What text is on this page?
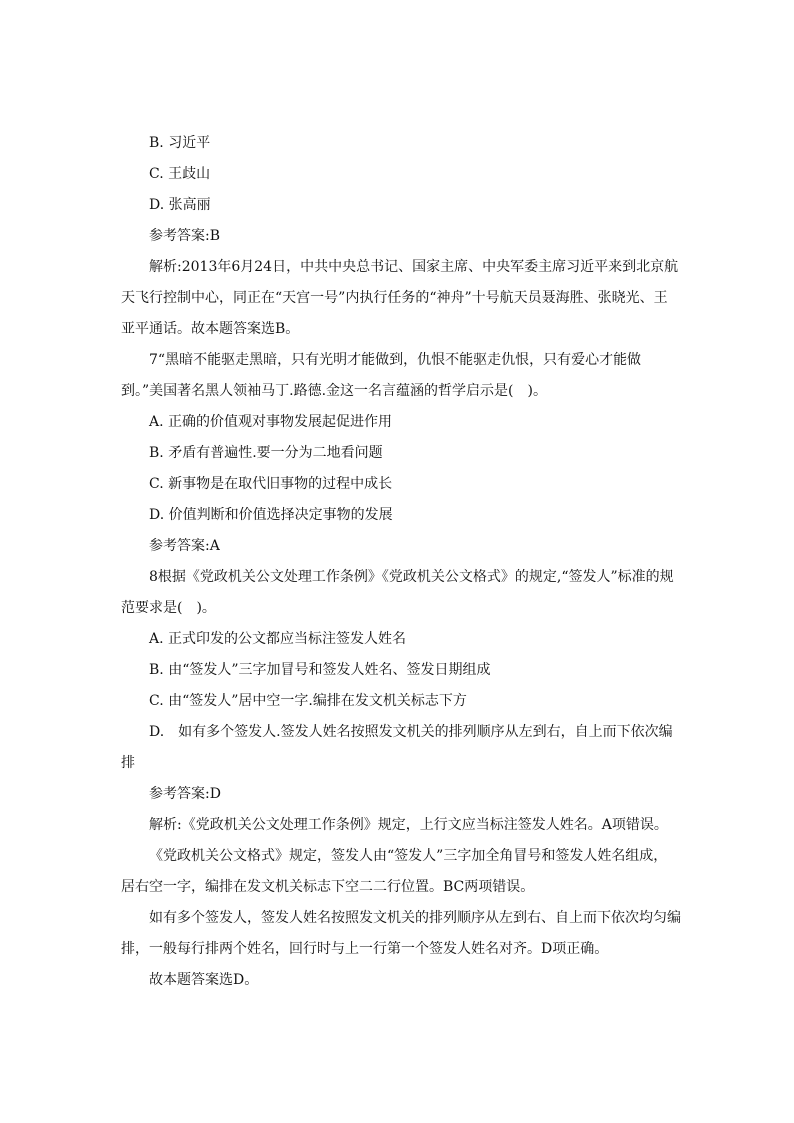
B. 习近平

C. 王歧山

D. 张高丽

参考答案:B

解析:2013年6月24日，中共中央总书记、国家主席、中央军委主席习近平来到北京航天飞行控制中心，同正在“天宫一号”内执行任务的“神舟”十号航天员聂海胜、张晓光、王亚平通话。故本题答案选B。

7“黑暗不能驱走黑暗，只有光明才能做到，仇恨不能驱走仇恨，只有爱心才能做到。”美国著名黑人领袖马丁.路德.金这一名言蕴涵的哲学启示是(　)。

A. 正确的价值观对事物发展起促进作用

B. 矛盾有普遍性.要一分为二地看问题

C. 新事物是在取代旧事物的过程中成长

D. 价值判断和价值选择决定事物的发展

参考答案:A

8根据《党政机关公文处理工作条例》《党政机关公文格式》的规定,“签发人”标准的规范要求是(　)。

A. 正式印发的公文都应当标注签发人姓名

B. 由“签发人”三字加冒号和签发人姓名、签发日期组成

C. 由“签发人”居中空一字.编排在发文机关标志下方

D.　如有多个签发人.签发人姓名按照发文机关的排列顺序从左到右，自上而下依次编排

参考答案:D

解析:《党政机关公文处理工作条例》规定，上行文应当标注签发人姓名。A项错误。

《党政机关公文格式》规定，签发人由“签发人”三字加全角冒号和签发人姓名组成，居右空一字，编排在发文机关标志下空二二行位置。BC两项错误。

如有多个签发人，签发人姓名按照发文机关的排列顺序从左到右、自上而下依次均匀编排，一般每行排两个姓名，回行时与上一行第一个签发人姓名对齐。D项正确。

故本题答案选D。
